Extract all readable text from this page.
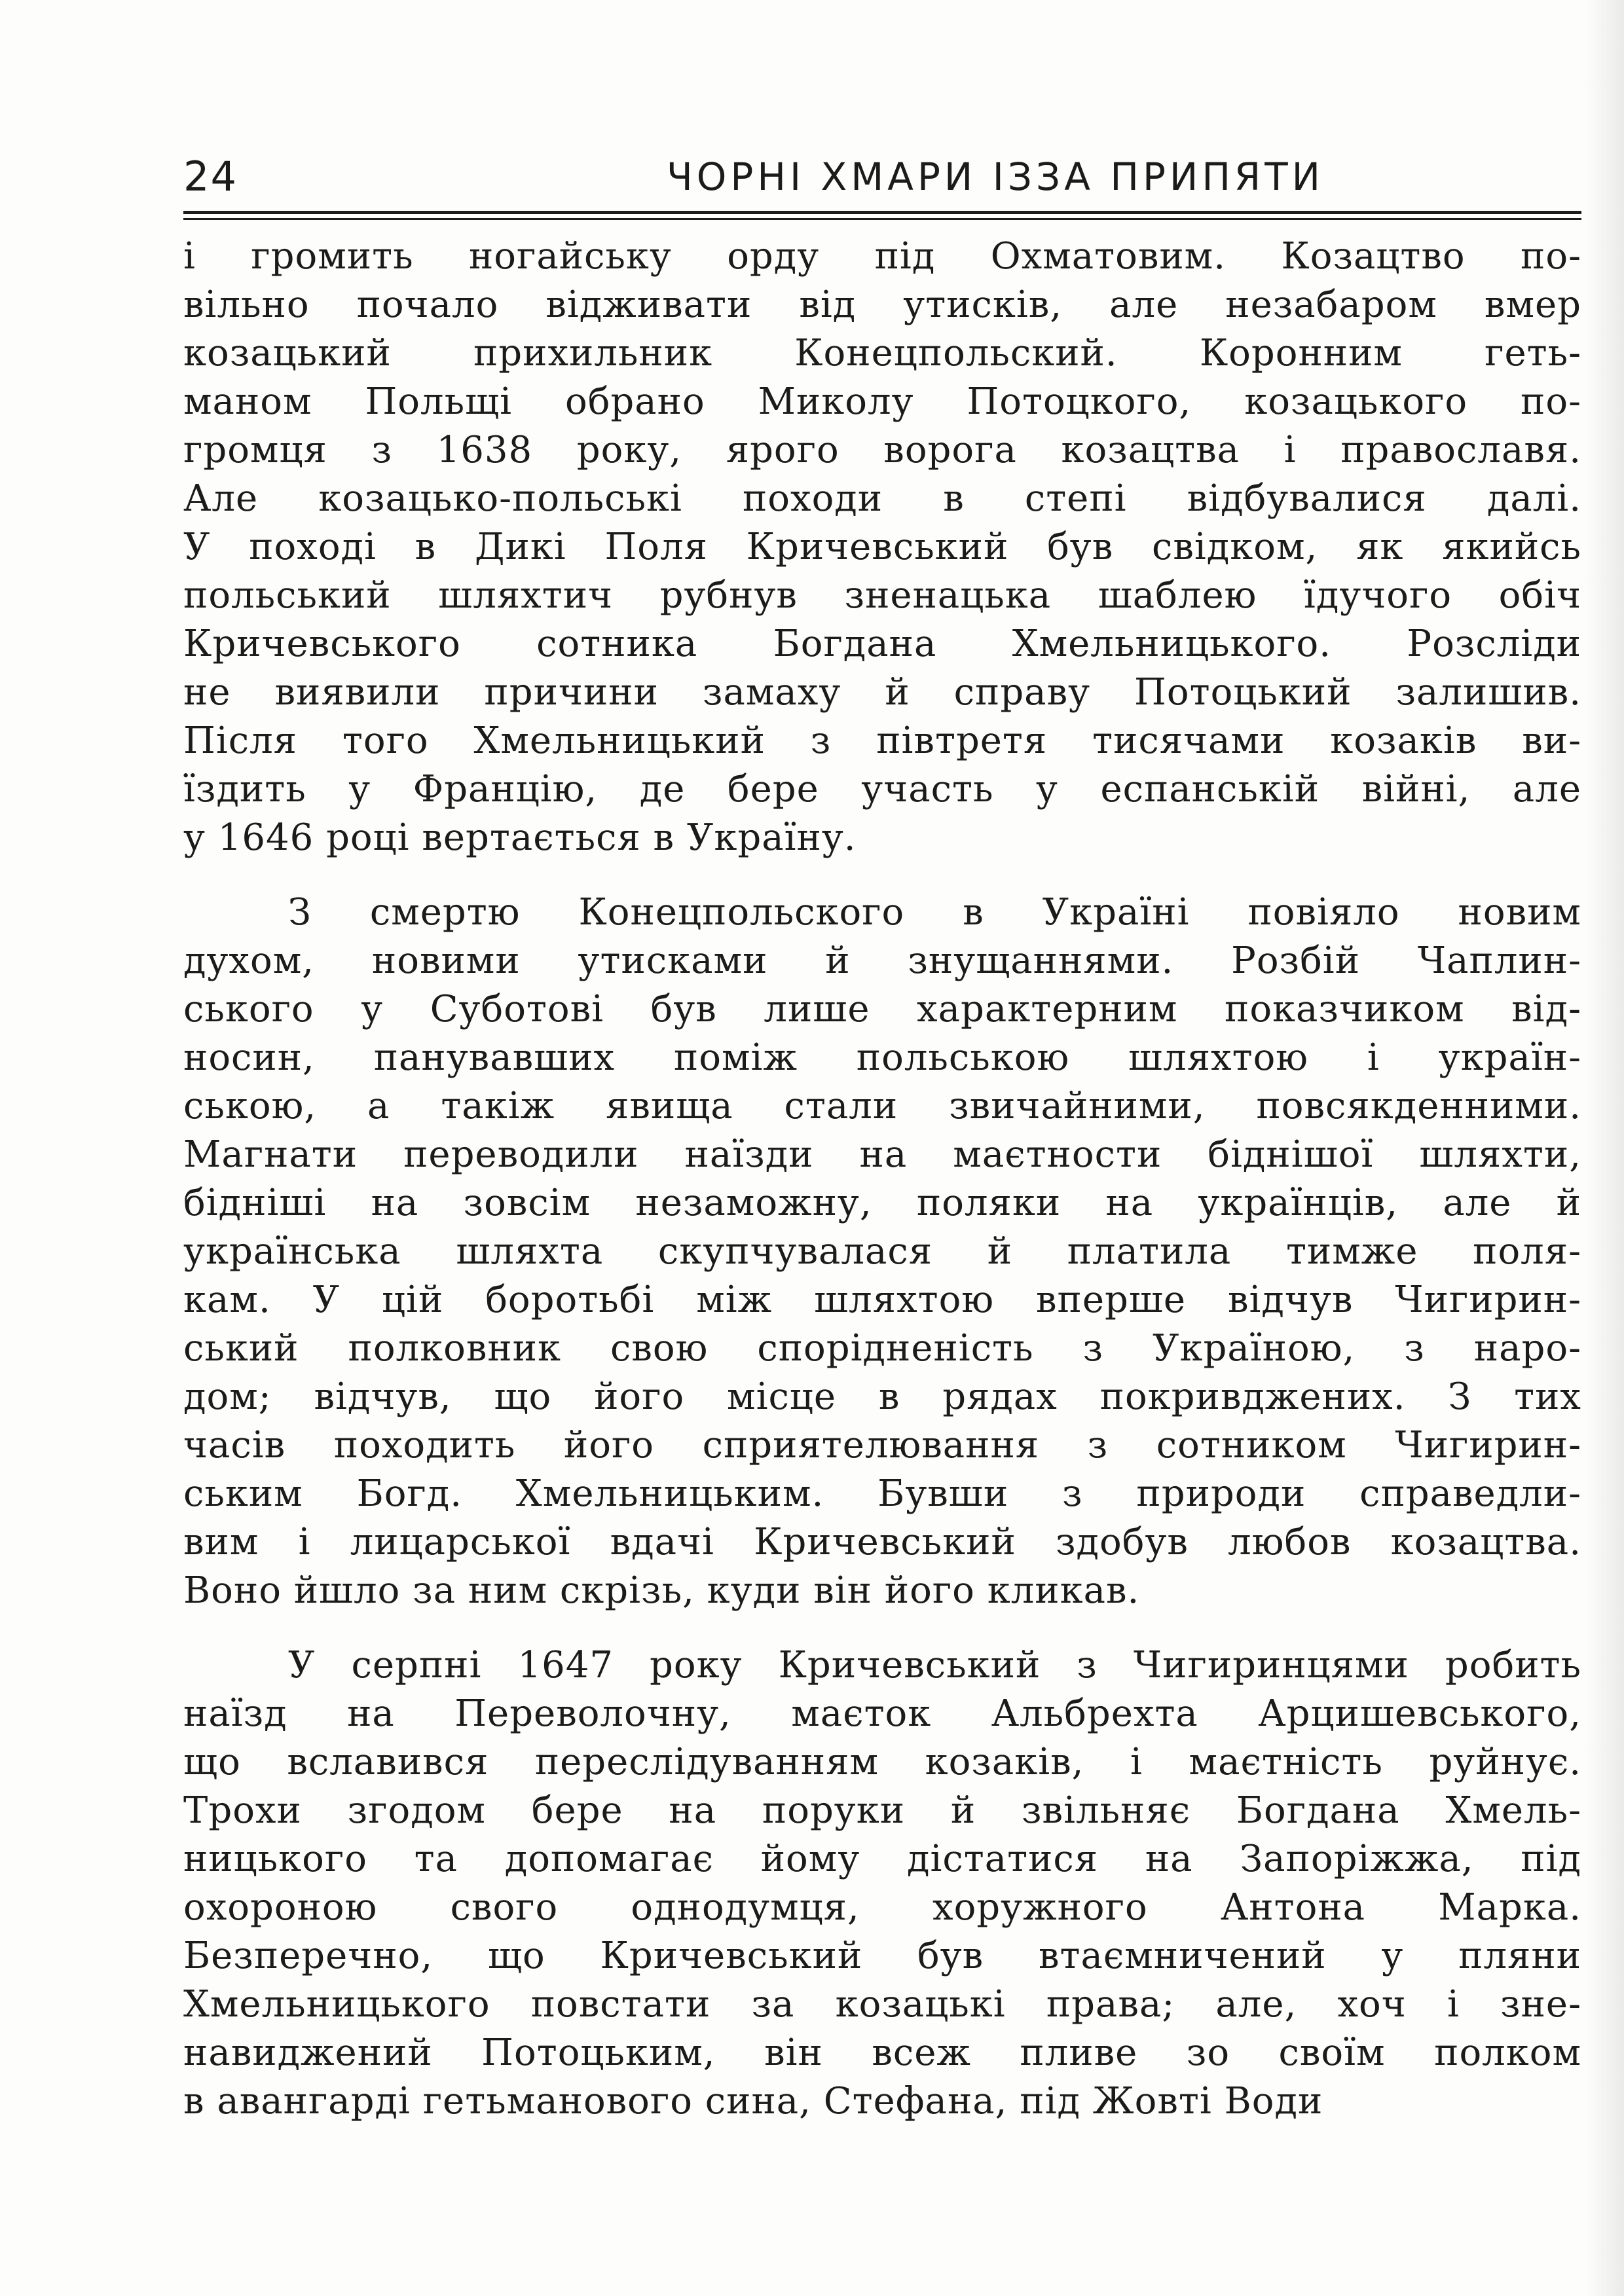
24	ЧОРНІ ХМАРИ ІЗЗА ПРИПЯТИ
і громить ногайську орду під Охматовим. Козацтво по-
вільно почало відживати від утисків, але незабаром вмер
козацький прихильник Конецпольский. Коронним геть-
маном Польщі обрано Миколу Потоцкого, козацького по-
громця з 1638 року, ярого ворога козацтва і православя.
Але козацько-польські походи в степі відбувалися далі.
У поході в Дикі Поля Кричевський був свідком, як якийсь
польський шляхтич рубнув зненацька шаблею їдучого обіч
Кричевського сотника Богдана Хмельницького. Розсліди
не виявили причини замаху й справу Потоцький залишив.
Після того Хмельницький з півтретя тисячами козаків ви-
їздить у Францію, де бере участь у еспанській війні, але
у 1646 році вертається в Україну.
З смертю Конецпольского в Україні повіяло новим
духом, новими утисками й знущаннями. Розбій Чаплин-
ського у Суботові був лише характерним показчиком від-
носин, панувавших поміж польською шляхтою і україн-
ською, а такіж явища стали звичайними, повсякденними.
Магнати переводили наїзди на маєтности біднішої шляхти,
бідніші на зовсім незаможну, поляки на українців, але й
українська шляхта скупчувалася й платила тимже поля-
кам. У цій боротьбі між шляхтою вперше відчув Чигирин-
ський полковник свою спорідненість з Україною, з наро-
дом; відчув, що його місце в рядах покривджених. З тих
часів походить його сприятелювання з сотником Чигирин-
ським Богд. Хмельницьким. Бувши з природи справедли-
вим і лицарської вдачі Кричевський здобув любов козацтва.
Воно йшло за ним скрізь, куди він його кликав.
У серпні 1647 року Кричевський з Чигиринцями робить
наїзд на Переволочну, маєток Альбрехта Арцишевського,
що вславився переслідуванням козаків, і маєтність руйнує.
Трохи згодом бере на поруки й звільняє Богдана Хмель-
ницького та допомагає йому дістатися на Запоріжжа, під
охороною свого однодумця, хоружного Антона Марка.
Безперечно, що Кричевський був втаємничений у пляни
Хмельницького повстати за козацькі права; але, хоч і зне-
навиджений Потоцьким, він всеж пливе зо своїм полком
в авангарді гетьманового сина, Стефана, під Жовті Води
